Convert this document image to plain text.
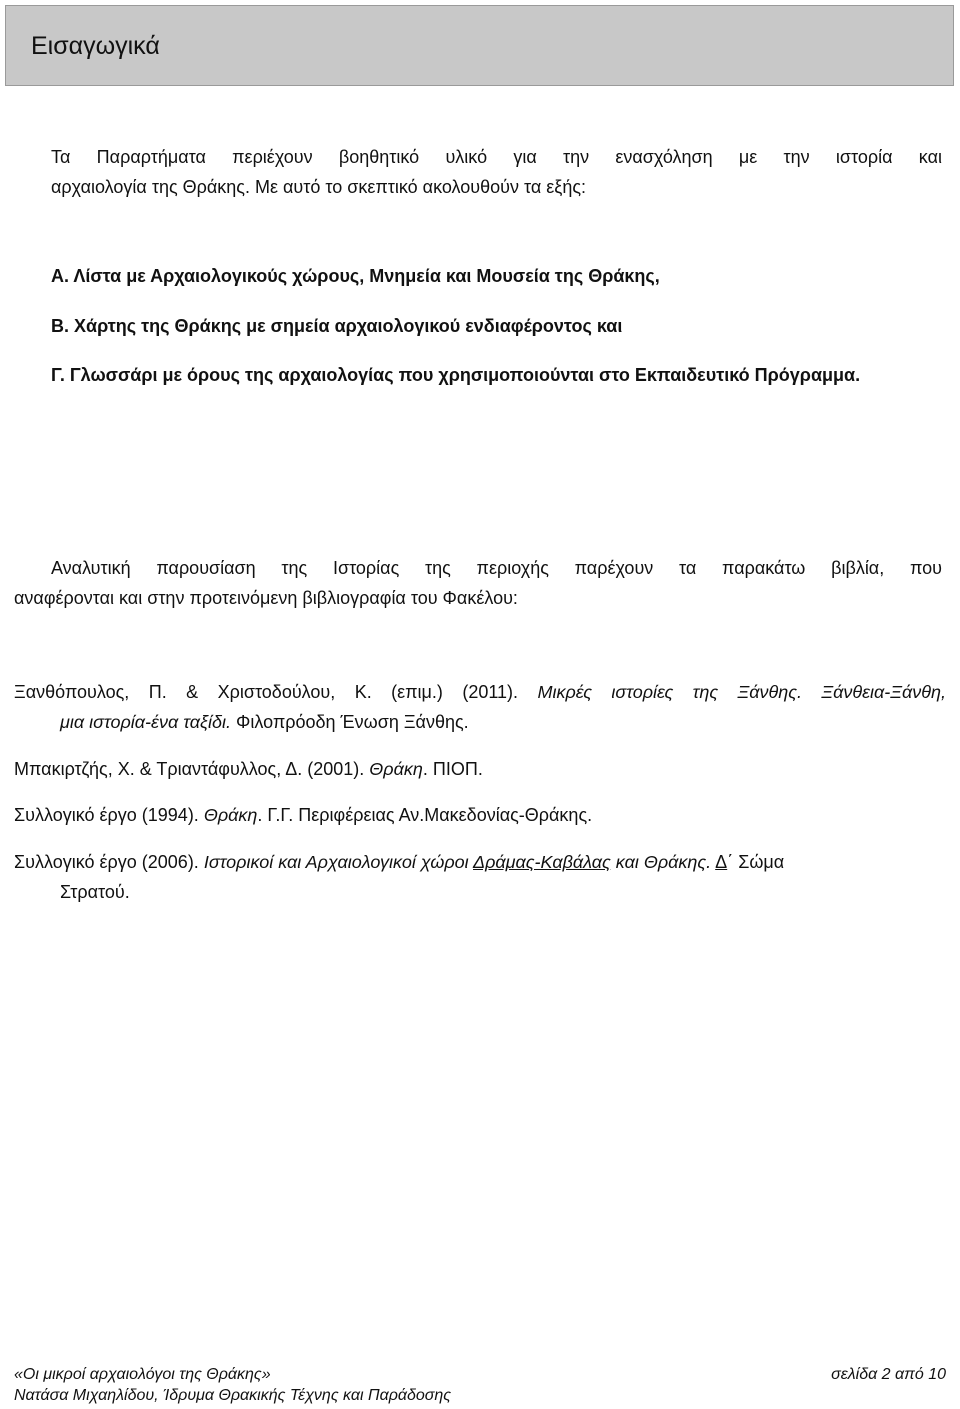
Εισαγωγικά
Τα Παραρτήματα περιέχουν βοηθητικό υλικό για την ενασχόληση με την ιστορία και
αρχαιολογία της Θράκης. Με αυτό το σκεπτικό ακολουθούν τα εξής:
Α. Λίστα με Αρχαιολογικούς χώρους, Μνημεία και Μουσεία της Θράκης,
Β. Χάρτης της Θράκης με σημεία αρχαιολογικού ενδιαφέροντος και
Γ. Γλωσσάρι με όρους της αρχαιολογίας που χρησιμοποιούνται στο Εκπαιδευτικό Πρόγραμμα.
Αναλυτική παρουσίαση της Ιστορίας της περιοχής παρέχουν τα παρακάτω βιβλία, που
αναφέρονται και στην προτεινόμενη βιβλιογραφία του Φακέλου:
Ξανθόπουλος, Π. & Χριστοδούλου, Κ. (επιμ.) (2011). Μικρές ιστορίες της Ξάνθης. Ξάνθεια-Ξάνθη,
μια ιστορία-ένα ταξίδι. Φιλοπρόοδη Ένωση Ξάνθης.
Μπακιρτζής, Χ. & Τριαντάφυλλος, Δ. (2001). Θράκη. ΠΙΟΠ.
Συλλογικό έργο (1994). Θράκη. Γ.Γ. Περιφέρειας Αν.Μακεδονίας-Θράκης.
Συλλογικό έργο (2006). Ιστορικοί και Αρχαιολογικοί χώροι Δράμας-Καβάλας και Θράκης. Δ΄ Σώμα
Στρατού.
«Οι μικροί αρχαιολόγοι της Θράκης»	σελίδα 2 από 10
Νατάσα Μιχαηλίδου, Ίδρυμα Θρακικής Τέχνης και Παράδοσης
